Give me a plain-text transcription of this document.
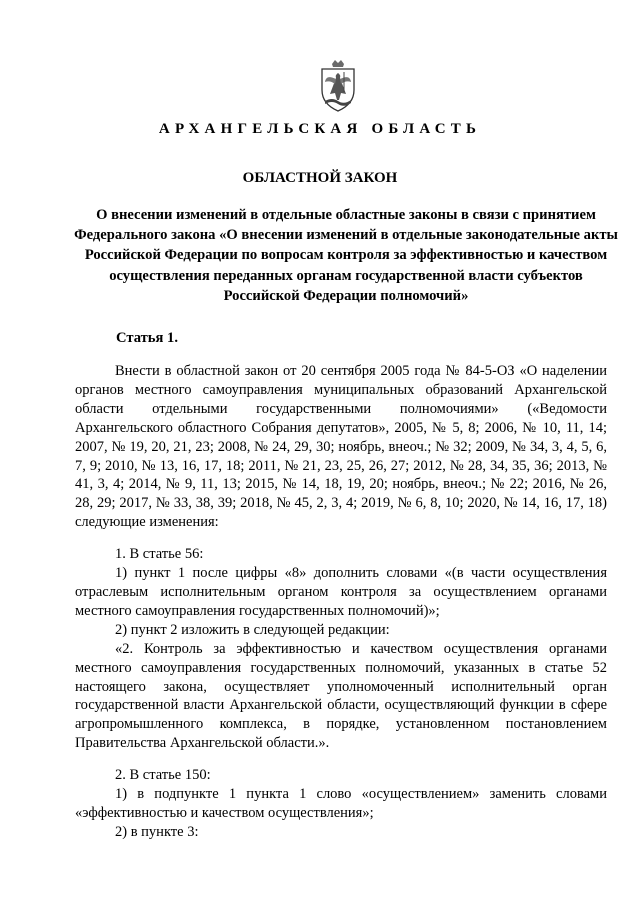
АРХАНГЕЛЬСКАЯ ОБЛАСТЬ
ОБЛАСТНОЙ ЗАКОН
О внесении изменений в отдельные областные законы в связи с принятием Федерального закона «О внесении изменений в отдельные законодательные акты Российской Федерации по вопросам контроля за эффективностью и качеством осуществления переданных органам государственной власти субъектов Российской Федерации полномочий»
Статья 1.

Внести в областной закон от 20 сентября 2005 года № 84-5-ОЗ «О наделении органов местного самоуправления муниципальных образований Архангельской области отдельными государственными полномочиями» («Ведомости Архангельского областного Собрания депутатов», 2005, № 5, 8; 2006, № 10, 11, 14; 2007, № 19, 20, 21, 23; 2008, № 24, 29, 30; ноябрь, внеоч.; № 32; 2009, № 34, 3, 4, 5, 6, 7, 9; 2010, № 13, 16, 17, 18; 2011, № 21, 23, 25, 26, 27; 2012, № 28, 34, 35, 36; 2013, № 41, 3, 4; 2014, № 9, 11, 13; 2015, № 14, 18, 19, 20; ноябрь, внеоч.; № 22; 2016, № 26, 28, 29; 2017, № 33, 38, 39; 2018, № 45, 2, 3, 4; 2019, № 6, 8, 10; 2020, № 14, 16, 17, 18) следующие изменения:

1. В статье 56:

1) пункт 1 после цифры «8» дополнить словами «(в части осуществления отраслевым исполнительным органом контроля за осуществлением органами местного самоуправления государственных полномочий)»;

2) пункт 2 изложить в следующей редакции:

«2. Контроль за эффективностью и качеством осуществления органами местного самоуправления государственных полномочий, указанных в статье 52 настоящего закона, осуществляет уполномоченный исполнительный орган государственной власти Архангельской области, осуществляющий функции в сфере агропромышленного комплекса, в порядке, установленном постановлением Правительства Архангельской области.».

2. В статье 150:

1) в подпункте 1 пункта 1 слово «осуществлением» заменить словами «эффективностью и качеством осуществления»;

2) в пункте 3:
